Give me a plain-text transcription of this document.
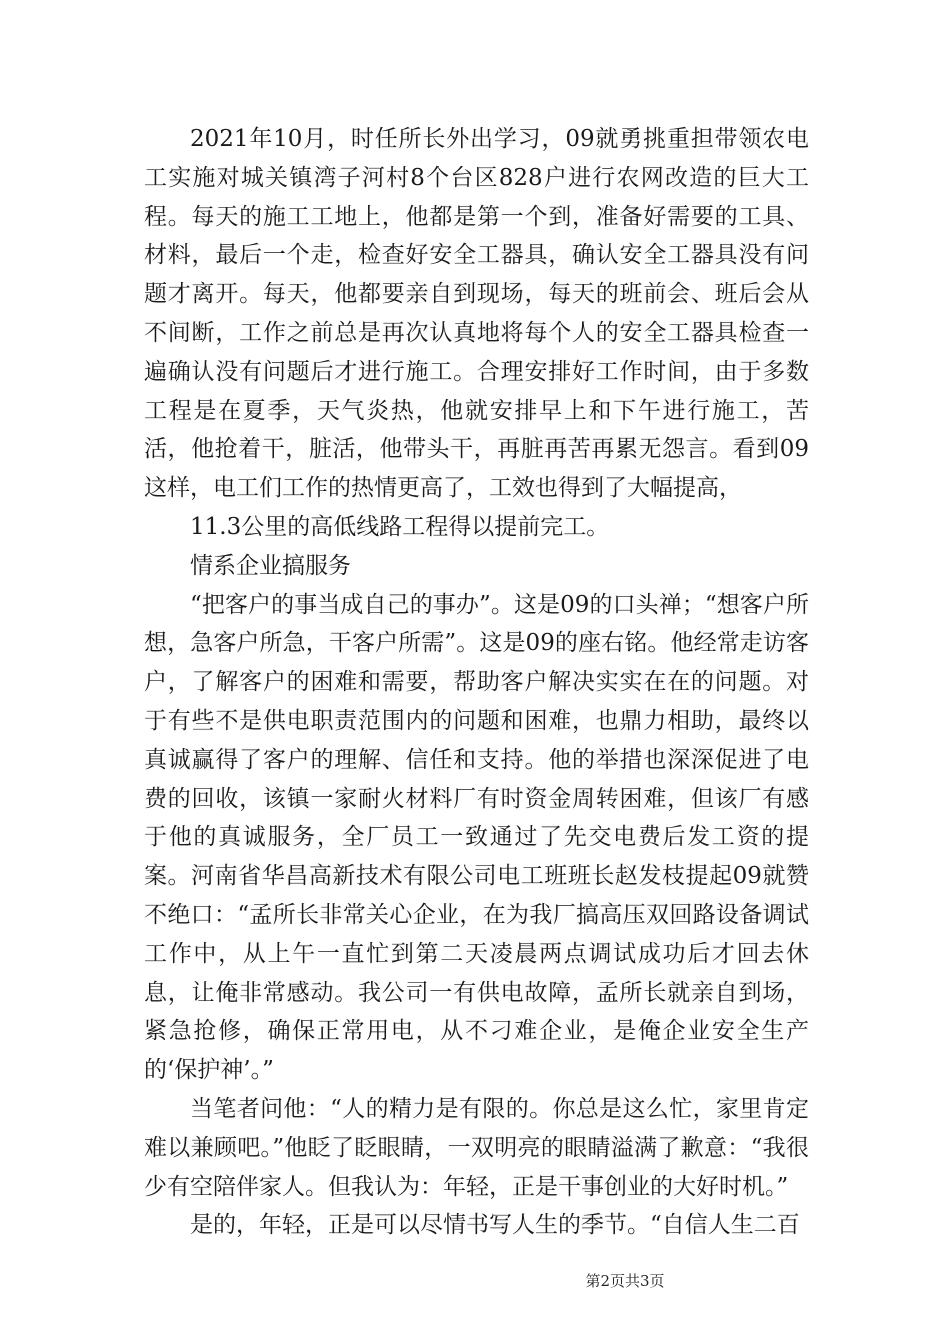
2021年10月，时任所长外出学习，09就勇挑重担带领农电工实施对城关镇湾子河村8个台区828户进行农网改造的巨大工程。每天的施工工地上，他都是第一个到，准备好需要的工具、材料，最后一个走，检查好安全工器具，确认安全工器具没有问题才离开。每天，他都要亲自到现场，每天的班前会、班后会从不间断，工作之前总是再次认真地将每个人的安全工器具检查一遍确认没有问题后才进行施工。合理安排好工作时间，由于多数工程是在夏季，天气炎热，他就安排早上和下午进行施工，苦活，他抢着干，脏活，他带头干，再脏再苦再累无怨言。看到09这样，电工们工作的热情更高了，工效也得到了大幅提高，

11.3公里的高低线路工程得以提前完工。

情系企业搞服务

“把客户的事当成自己的事办”。这是09的口头禅；“想客户所想，急客户所急，干客户所需”。这是09的座右铭。他经常走访客户，了解客户的困难和需要，帮助客户解决实实在在的问题。对于有些不是供电职责范围内的问题和困难，也鼎力相助，最终以真诚赢得了客户的理解、信任和支持。他的举措也深深促进了电费的回收，该镇一家耐火材料厂有时资金周转困难，但该厂有感于他的真诚服务，全厂员工一致通过了先交电费后发工资的提案。河南省华昌高新技术有限公司电工班班长赵发枝提起09就赞不绝口：“孟所长非常关心企业，在为我厂搞高压双回路设备调试工作中，从上午一直忙到第二天凌晨两点调试成功后才回去休息，让俺非常感动。我公司一有供电故障，孟所长就亲自到场，紧急抢修，确保正常用电，从不刁难企业，是俺企业安全生产的‘保护神’。”

当笔者问他：“人的精力是有限的。你总是这么忙，家里肯定难以兼顾吧。”他眨了眨眼睛，一双明亮的眼睛溢满了歉意：“我很少有空陪伴家人。但我认为：年轻，正是干事创业的大好时机。”

是的，年轻，正是可以尽情书写人生的季节。“自信人生二百

第2页共3页
